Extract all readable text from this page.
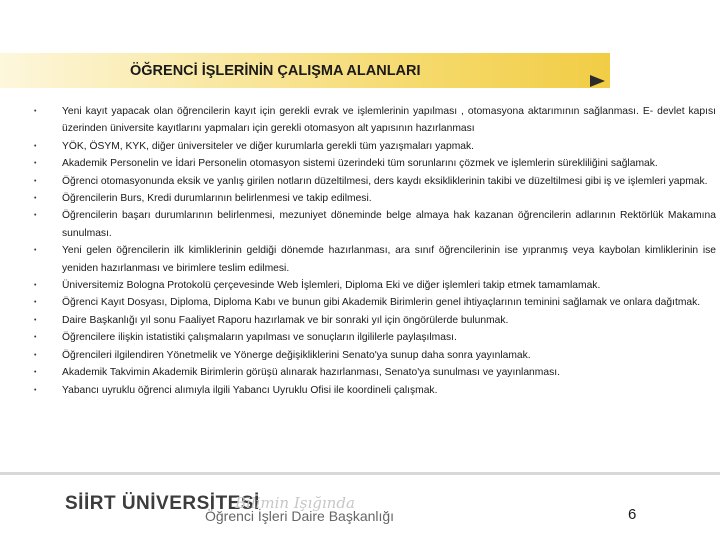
ÖĞRENCİ İŞLERİNİN ÇALIŞMA ALANLARI
• Yeni kayıt yapacak olan öğrencilerin kayıt için gerekli evrak ve işlemlerinin yapılması , otomasyona aktarımının sağlanması. E- devlet kapısı üzerinden üniversite kayıtlarını yapmaları için gerekli otomasyon alt yapısının hazırlanması
• YÖK, ÖSYM, KYK, diğer üniversiteler ve diğer kurumlarla gerekli tüm yazışmaları yapmak.
• Akademik Personelin ve İdari Personelin otomasyon sistemi üzerindeki tüm sorunlarını çözmek ve işlemlerin sürekliliğini sağlamak.
• Öğrenci otomasyonunda eksik ve yanlış girilen notların düzeltilmesi, ders kaydı eksikliklerinin takibi ve düzeltilmesi gibi iş ve işlemleri yapmak.
• Öğrencilerin Burs, Kredi durumlarının belirlenmesi ve takip edilmesi.
• Öğrencilerin başarı durumlarının belirlenmesi, mezuniyet döneminde belge almaya hak kazanan öğrencilerin adlarının Rektörlük Makamına sunulması.
• Yeni gelen öğrencilerin ilk kimliklerinin geldiği dönemde hazırlanması, ara sınıf öğrencilerinin ise yıpranmış veya kaybolan kimliklerinin ise yeniden hazırlanması ve birimlere teslim edilmesi.
• Üniversitemiz Bologna Protokolü çerçevesinde Web İşlemleri, Diploma Eki ve diğer işlemleri takip etmek tamamlamak.
• Öğrenci Kayıt Dosyası, Diploma, Diploma Kabı ve bunun gibi Akademik Birimlerin genel ihtiyaçlarının teminini sağlamak ve onlara dağıtmak.
• Daire Başkanlığı yıl sonu Faaliyet Raporu hazırlamak ve bir sonraki yıl için öngörülerde bulunmak.
• Öğrencilere ilişkin istatistiki çalışmaların yapılması ve sonuçların ilgililerle paylaşılması.
• Öğrencileri ilgilendiren Yönetmelik ve Yönerge değişikliklerini Senato'ya sunup daha sonra yayınlamak.
• Akademik Takvimin Akademik Birimlerin görüşü alınarak hazırlanması, Senato'ya sunulması ve yayınlanması.
• Yabancı uyruklu öğrenci alımıyla ilgili Yabancı Uyruklu Ofisi ile koordineli çalışmak.
SİİRT ÜNİVERSİTESİ
Bilimin Işığında
Öğrenci İşleri Daire Başkanlığı	6
